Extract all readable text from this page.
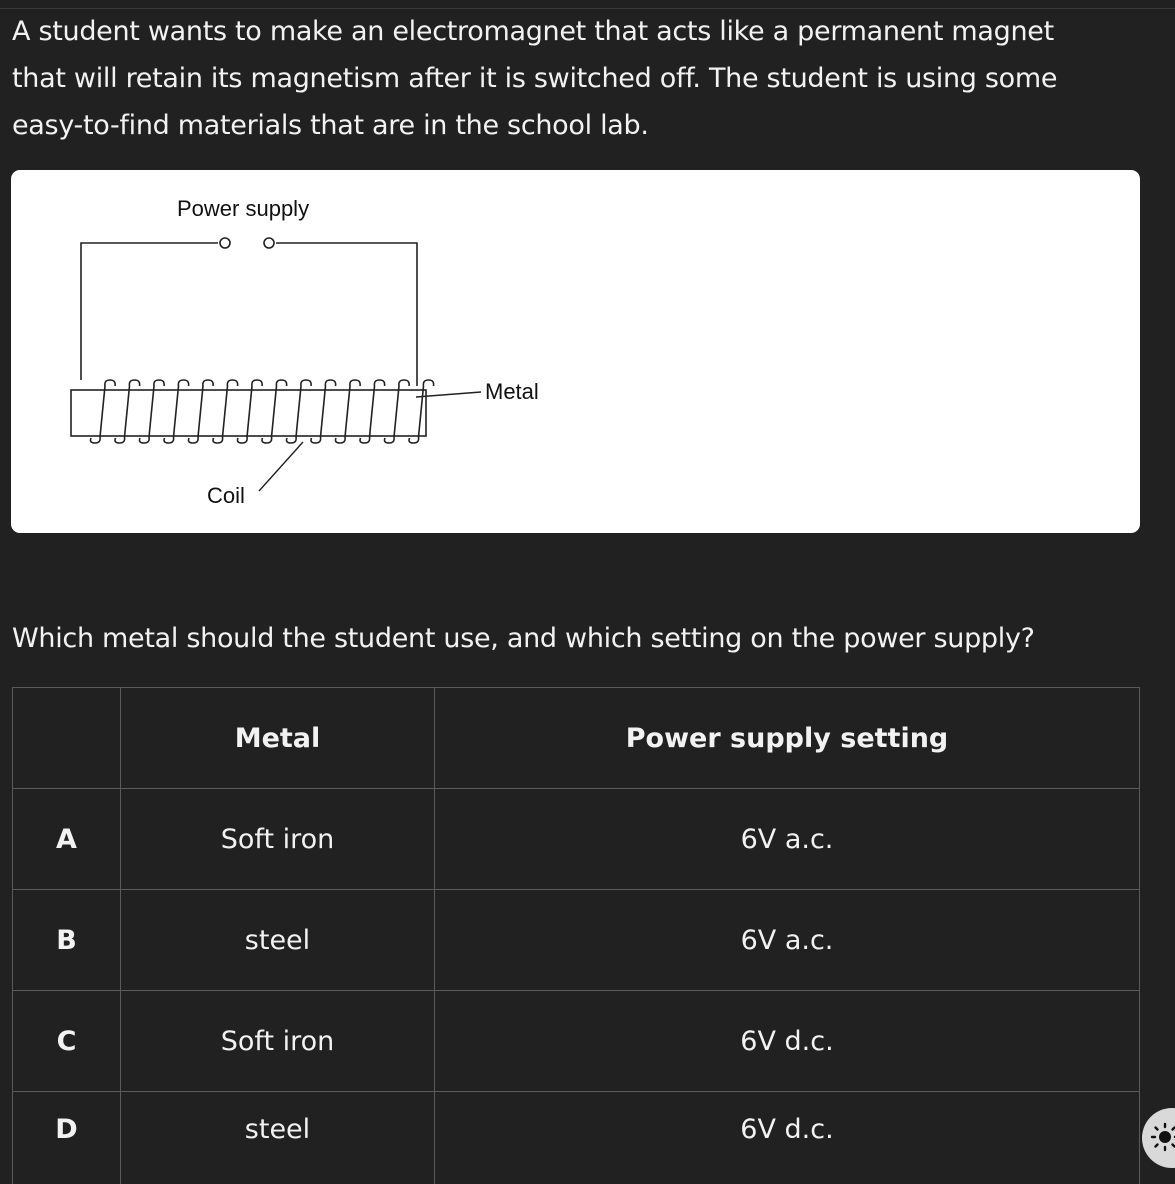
A student wants to make an electromagnet that acts like a permanent magnet
that will retain its magnetism after it is switched off. The student is using some
easy-to-find materials that are in the school lab.

Power supply
Metal
Coil

Which metal should the student use, and which setting on the power supply?

	Metal	Power supply setting
A	Soft iron	6V a.c.
B	steel	6V a.c.
C	Soft iron	6V d.c.
D	steel	6V d.c.
